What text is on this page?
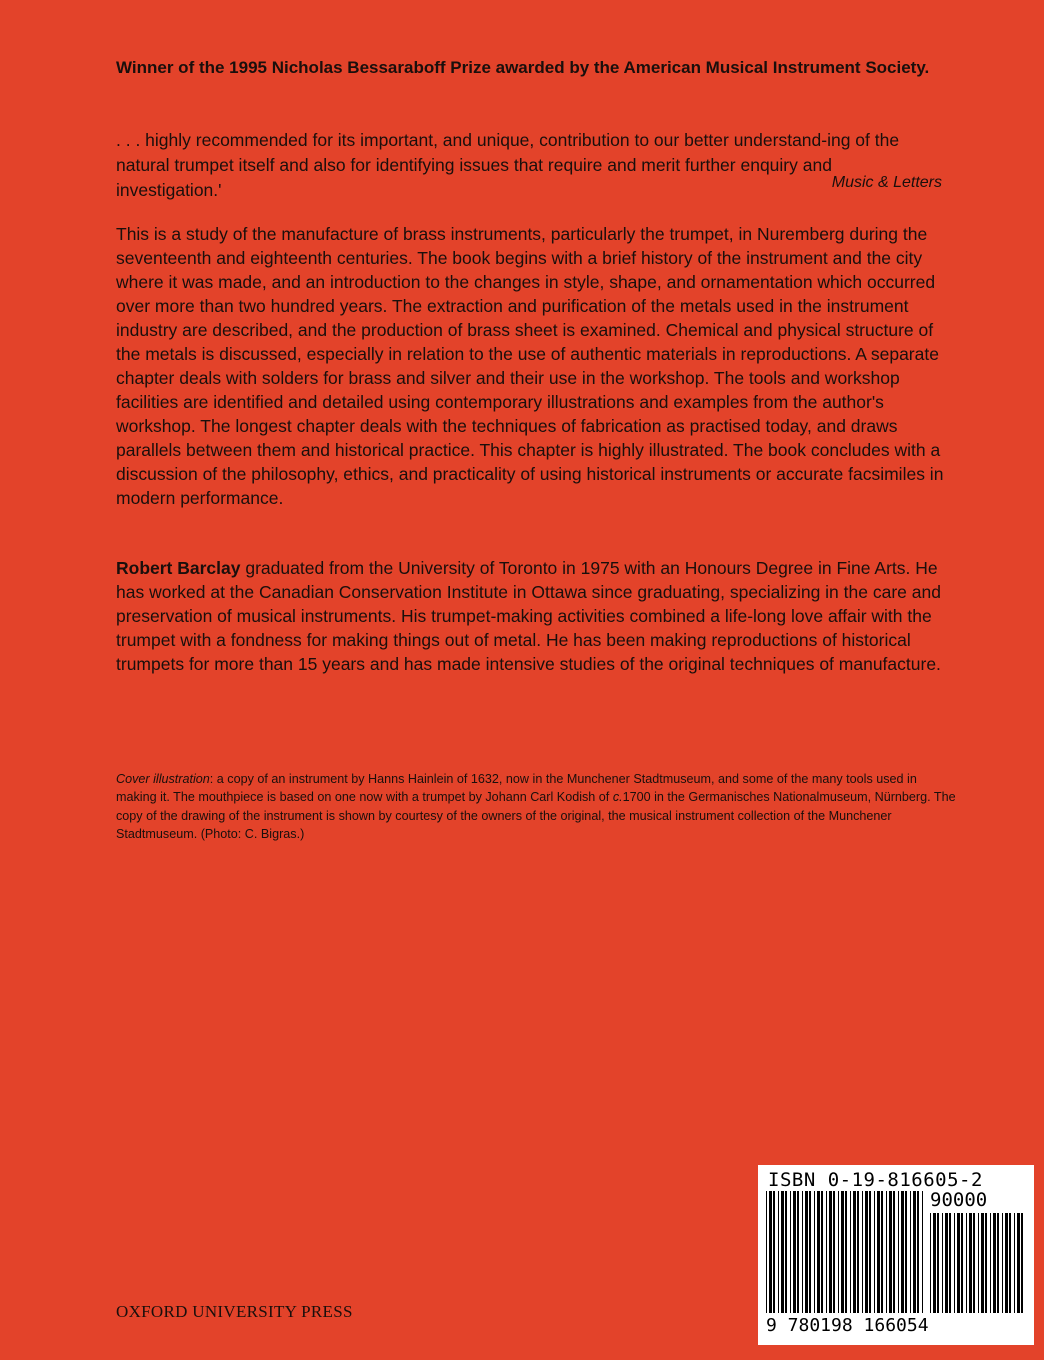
Winner of the 1995 Nicholas Bessaraboff Prize awarded by the American Musical Instrument Society.
. . . highly recommended for its important, and unique, contribution to our better understand-ing of the natural trumpet itself and also for identifying issues that require and merit further enquiry and investigation.'	Music & Letters
This is a study of the manufacture of brass instruments, particularly the trumpet, in Nuremberg during the seventeenth and eighteenth centuries. The book begins with a brief history of the instrument and the city where it was made, and an introduction to the changes in style, shape, and ornamentation which occurred over more than two hundred years. The extraction and purification of the metals used in the instrument industry are described, and the production of brass sheet is examined. Chemical and physical structure of the metals is discussed, especially in relation to the use of authentic materials in reproductions. A separate chapter deals with solders for brass and silver and their use in the workshop. The tools and workshop facilities are identified and detailed using contemporary illustrations and examples from the author's workshop. The longest chapter deals with the techniques of fabrication as practised today, and draws parallels between them and historical practice. This chapter is highly illustrated. The book concludes with a discussion of the philosophy, ethics, and practicality of using historical instruments or accurate facsimiles in modern performance.
Robert Barclay graduated from the University of Toronto in 1975 with an Honours Degree in Fine Arts. He has worked at the Canadian Conservation Institute in Ottawa since graduating, specializing in the care and preservation of musical instruments. His trumpet-making activities combined a life-long love affair with the trumpet with a fondness for making things out of metal. He has been making reproductions of historical trumpets for more than 15 years and has made intensive studies of the original techniques of manufacture.
Cover illustration: a copy of an instrument by Hanns Hainlein of 1632, now in the Munchener Stadtmuseum, and some of the many tools used in making it. The mouthpiece is based on one now with a trumpet by Johann Carl Kodish of c.1700 in the Germanisches Nationalmuseum, Nürnberg. The copy of the drawing of the instrument is shown by courtesy of the owners of the original, the musical instrument collection of the Munchener Stadtmuseum. (Photo: C. Bigras.)
OXFORD UNIVERSITY PRESS
ISBN 0-19-816605-2
90000
9 780198 166054
